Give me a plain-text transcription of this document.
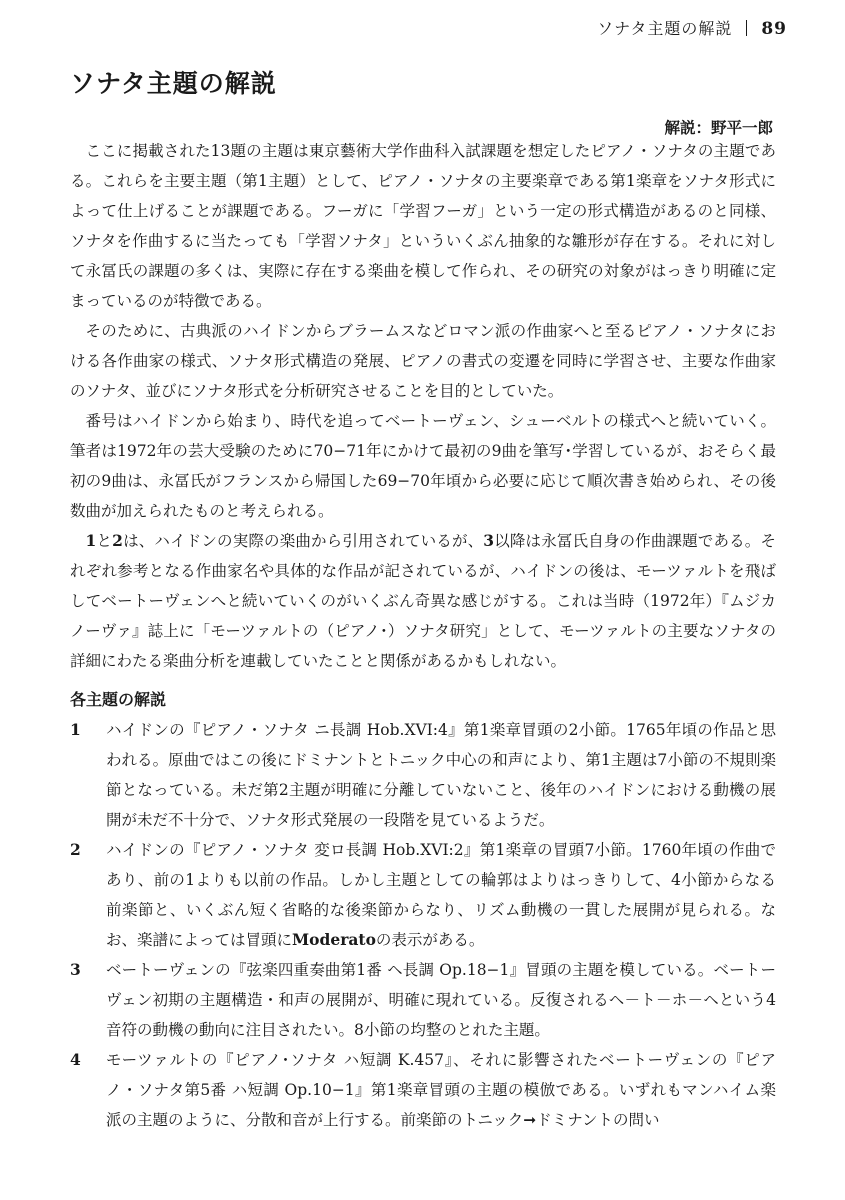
ソナタ主題の解説 89
ソナタ主題の解説
解説：野平一郎

ここに掲載された13題の主題は東京藝術大学作曲科入試課題を想定したピアノ・ソナタの主題である。これらを主要主題（第1主題）として、ピアノ・ソナタの主要楽章である第1楽章をソナタ形式によって仕上げることが課題である。フーガに「学習フーガ」という一定の形式構造があるのと同様、ソナタを作曲するに当たっても「学習ソナタ」といういくぶん抽象的な雛形が存在する。それに対して永冨氏の課題の多くは、実際に存在する楽曲を模して作られ、その研究の対象がはっきり明確に定まっているのが特徴である。

そのために、古典派のハイドンからブラームスなどロマン派の作曲家へと至るピアノ・ソナタにおける各作曲家の様式、ソナタ形式構造の発展、ピアノの書式の変遷を同時に学習させ、主要な作曲家のソナタ、並びにソナタ形式を分析研究させることを目的としていた。

番号はハイドンから始まり、時代を追ってベートーヴェン、シューベルトの様式へと続いていく。筆者は1972年の芸大受験のために70−71年にかけて最初の9曲を筆写･学習しているが、おそらく最初の9曲は、永冨氏がフランスから帰国した69−70年頃から必要に応じて順次書き始められ、その後数曲が加えられたものと考えられる。

1と2は、ハイドンの実際の楽曲から引用されているが、3以降は永冨氏自身の作曲課題である。それぞれ参考となる作曲家名や具体的な作品が記されているが、ハイドンの後は、モーツァルトを飛ばしてベートーヴェンへと続いていくのがいくぶん奇異な感じがする。これは当時（1972年）『ムジカノーヴァ』誌上に「モーツァルトの（ピアノ･）ソナタ研究」として、モーツァルトの主要なソナタの詳細にわたる楽曲分析を連載していたことと関係があるかもしれない。

各主題の解説
1	ハイドンの『ピアノ・ソナタ ニ長調 Hob.XVI:4』第1楽章冒頭の2小節。1765年頃の作品と思われる。原曲ではこの後にドミナントとトニック中心の和声により、第1主題は7小節の不規則楽節となっている。未だ第2主題が明確に分離していないこと、後年のハイドンにおける動機の展開が未だ不十分で、ソナタ形式発展の一段階を見ているようだ。

2	ハイドンの『ピアノ・ソナタ 変ロ長調 Hob.XVI:2』第1楽章の冒頭7小節。1760年頃の作曲であり、前の1よりも以前の作品。しかし主題としての輪郭はよりはっきりして、4小節からなる前楽節と、いくぶん短く省略的な後楽節からなり、リズム動機の一貫した展開が見られる。なお、楽譜によっては冒頭にModeratoの表示がある。

3	ベートーヴェンの『弦楽四重奏曲第1番 ヘ長調 Op.18−1』冒頭の主題を模している。ベートーヴェン初期の主題構造・和声の展開が、明確に現れている。反復されるヘ－ト－ホ－ヘという4音符の動機の動向に注目されたい。8小節の均整のとれた主題。

4	モーツァルトの『ピアノ･ソナタ ハ短調 K.457』、それに影響されたベートーヴェンの『ピアノ・ソナタ第5番 ハ短調 Op.10−1』第1楽章冒頭の主題の模倣である。いずれもマンハイム楽派の主題のように、分散和音が上行する。前楽節のトニック➞ドミナントの問い
